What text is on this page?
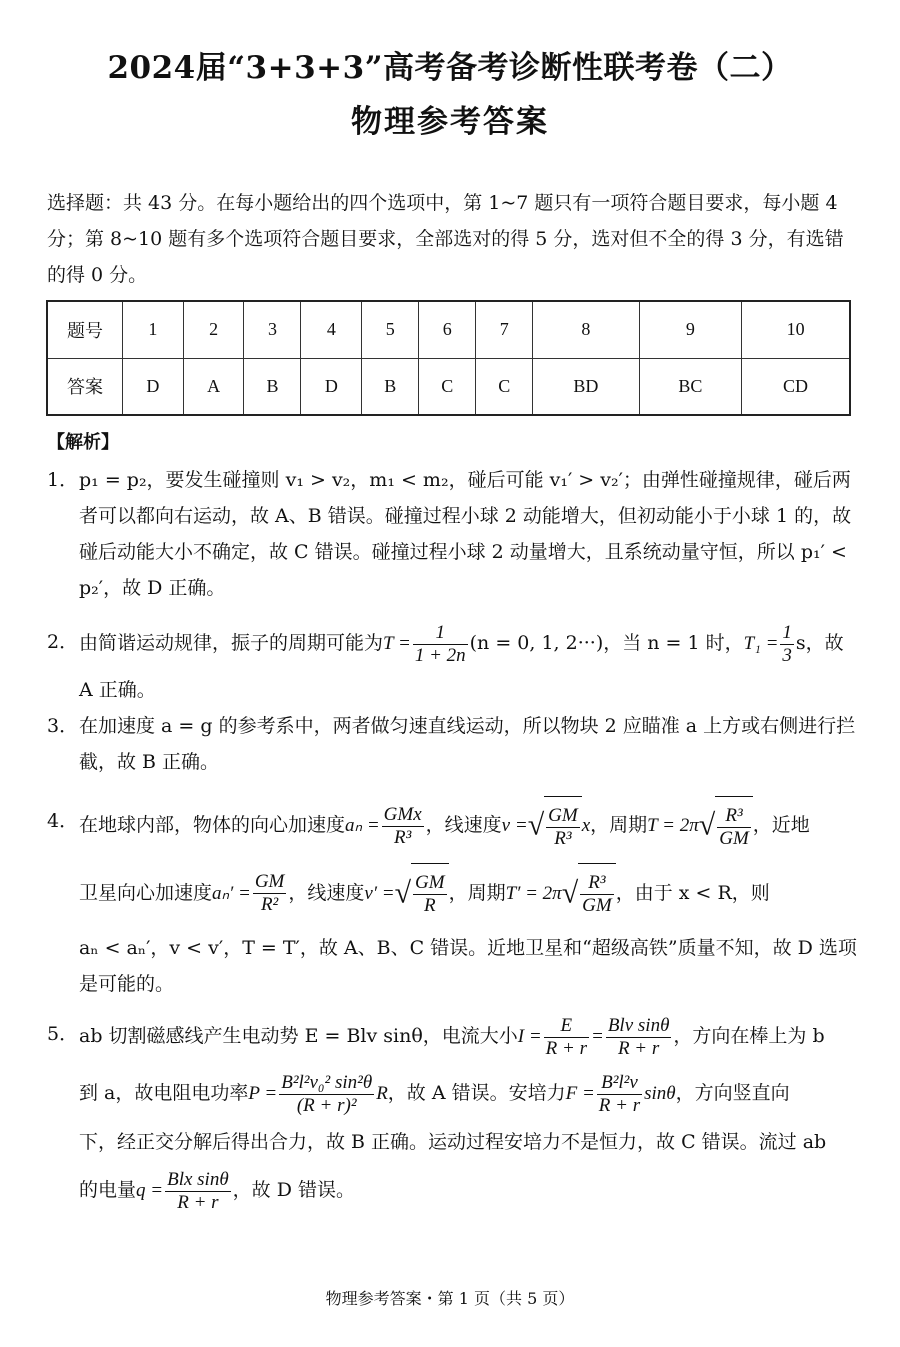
2024届“3+3+3”高考备考诊断性联考卷（二）
物理参考答案
选择题：共 43 分。在每小题给出的四个选项中，第 1~7 题只有一项符合题目要求，每小题 4 分；第 8~10 题有多个选项符合题目要求，全部选对的得 5 分，选对但不全的得 3 分，有选错的得 0 分。
题号	1	2	3	4	5	6	7	8	9	10
答案	D	A	B	D	B	C	C	BD	BC	CD
【解析】
1． p₁ = p₂，要发生碰撞则 v₁ > v₂，m₁ < m₂，碰后可能 v₁′ > v₂′；由弹性碰撞规律，碰后两者可以都向右运动，故 A、B 错误。碰撞过程小球 2 动能增大，但初动能小于小球 1 的，故碰后动能大小不确定，故 C 错误。碰撞过程小球 2 动量增大，且系统动量守恒，所以 p₁′ < p₂′，故 D 正确。
2． 由简谐运动规律，振子的周期可能为$T = \frac{1}{1 + 2n} (n = 0$, 1, 2···)，当 n = 1 时，$T_1 = \frac{1}{3}$ s，故 A 正确。
3． 在加速度 a = g 的参考系中，两者做匀速直线运动，所以物块 2 应瞄准 a 上方或右侧进行拦截，故 B 正确。
4． 在地球内部，物体的向心加速度$a_n = \frac{\text{GMx}}{\text{R³}}$ ，线速度v =√ $\frac{GM}{\text{R³}}$ x，周期$T = 2\pi√ \frac{\text{R³}}{GM}$ ，近地
卫星向心加速度$a_n' = \frac{GM}{\text{R²}}$ ，线速度v′ =√ $\frac{GM}{R}$ ，周期$T' = 2\pi√ \frac{\text{R³}}{GM}$ ，由于 x < R，则
aₙ < aₙ′，v < v′，T = T′，故 A、B、C 错误。近地卫星和“超级高铁”质量不知，故 D 选项是可能的。
5． ab 切割磁感线产生电动势 E = Blv sinθ，电流大小$I = \frac{E}{R + r} = \frac{\text{Blv sinθ}}{R + r}$ ，方向在棒上为 b
到 a，故电阻电功率$P = \frac{\text{B²l²v₀² sin²θ}}{\text{(R + r)²}}$ R，故 A 错误。安培力$F = \frac{\text{B²l²v}}{R + r}$ sinθ，方向竖直向
下，经正交分解后得出合力，故 B 正确。运动过程安培力不是恒力，故 C 错误。流过 ab
的电量$q = \frac{\text{Blx sinθ}}{R + r}$ ，故 D 错误。
物理参考答案・第 1 页（共 5 页）
